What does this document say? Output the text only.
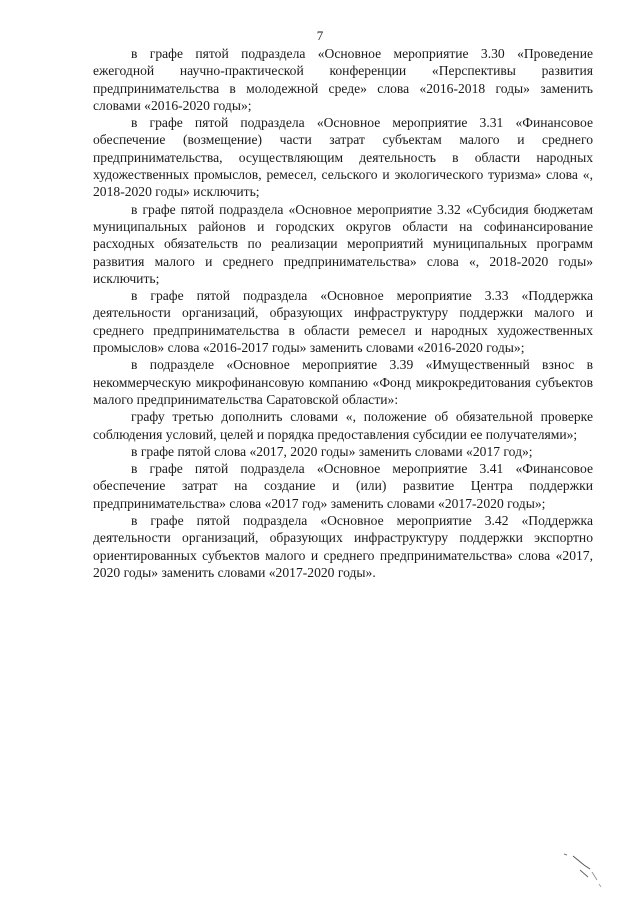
7

в графе пятой подраздела «Основное мероприятие 3.30 «Проведение ежегодной научно-практической конференции «Перспективы развития предпринимательства в молодежной среде» слова «2016-2018 годы» заменить словами «2016-2020 годы»;

в графе пятой подраздела «Основное мероприятие 3.31 «Финансовое обеспечение (возмещение) части затрат субъектам малого и среднего предпринимательства, осуществляющим деятельность в области народных художественных промыслов, ремесел, сельского и экологического туризма» слова «, 2018-2020 годы» исключить;

в графе пятой подраздела «Основное мероприятие 3.32 «Субсидия бюджетам муниципальных районов и городских округов области на софинансирование расходных обязательств по реализации мероприятий муниципальных программ развития малого и среднего предпринимательства» слова «, 2018-2020 годы» исключить;

в графе пятой подраздела «Основное мероприятие 3.33 «Поддержка деятельности организаций, образующих инфраструктуру поддержки малого и среднего предпринимательства в области ремесел и народных художественных промыслов» слова «2016-2017 годы» заменить словами «2016-2020 годы»;

в подразделе «Основное мероприятие 3.39 «Имущественный взнос в некоммерческую микрофинансовую компанию «Фонд микрокредитования субъектов малого предпринимательства Саратовской области»:

графу третью дополнить словами «, положение об обязательной проверке соблюдения условий, целей и порядка предоставления субсидии ее получателями»;

в графе пятой слова «2017, 2020 годы» заменить словами «2017 год»;

в графе пятой подраздела «Основное мероприятие 3.41 «Финансовое обеспечение затрат на создание и (или) развитие Центра поддержки предпринимательства» слова «2017 год» заменить словами «2017-2020 годы»;

в графе пятой подраздела «Основное мероприятие 3.42 «Поддержка деятельности организаций, образующих инфраструктуру поддержки экспортно ориентированных субъектов малого и среднего предпринимательства» слова «2017, 2020 годы» заменить словами «2017-2020 годы».
